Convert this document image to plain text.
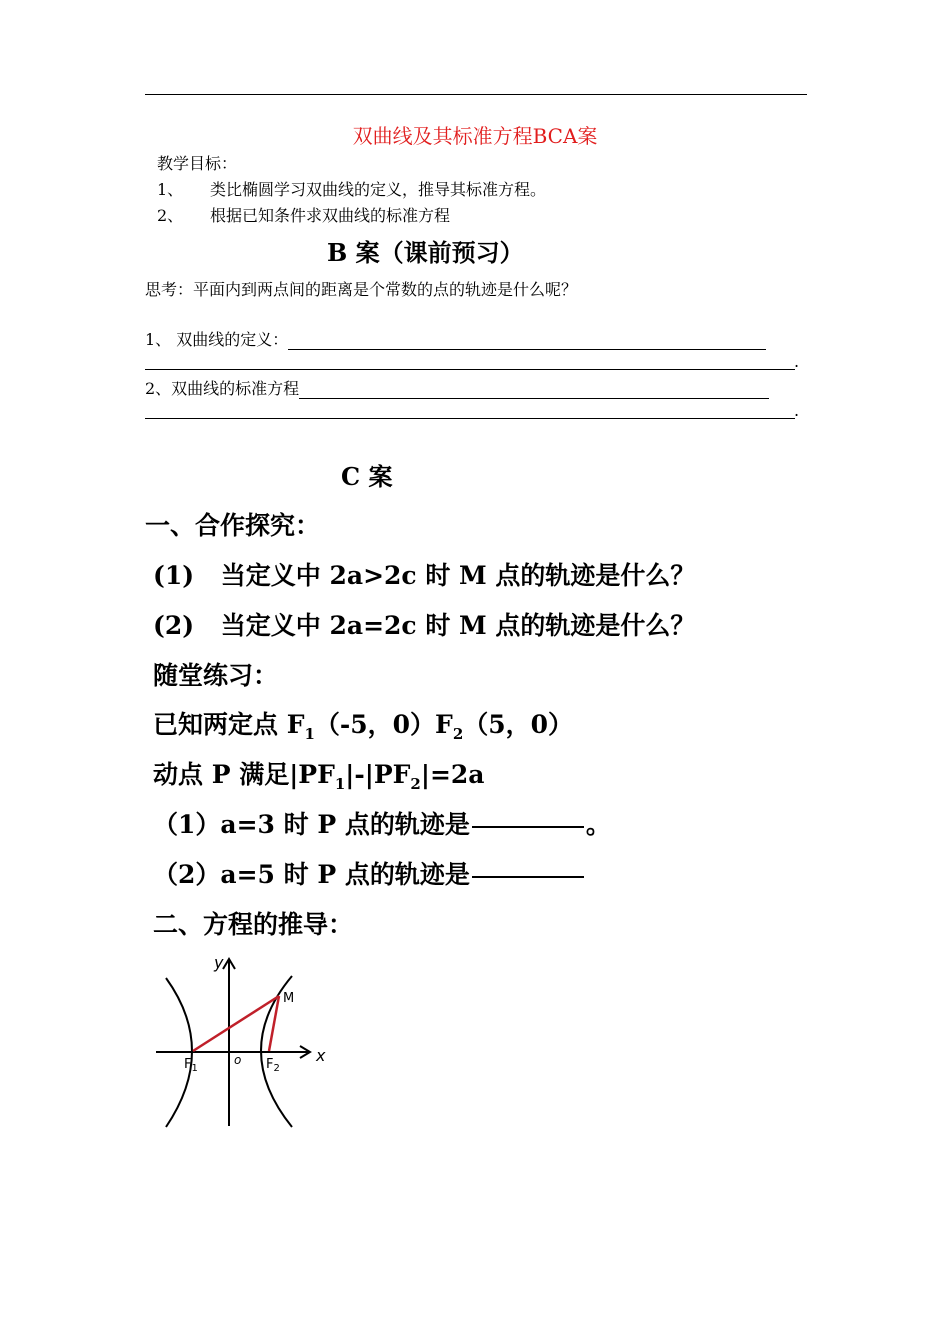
双曲线及其标准方程BCA案
教学目标：
1、 类比椭圆学习双曲线的定义，推导其标准方程。
2、 根据已知条件求双曲线的标准方程
B 案（课前预习）
思考：平面内到两点间的距离是个常数的点的轨迹是什么呢？
1、 双曲线的定义：
.
2、双曲线的标准方程
.
C 案
一、合作探究：
(1) 当定义中 2a>2c 时 M 点的轨迹是什么？
(2) 当定义中 2a=2c 时 M 点的轨迹是什么？
随堂练习：
已知两定点 $F_1(-5$，$0)F_2(5$，0）
动点 P 满足$|PF_1|-|PF_2|=2a$
（1）a=3 时 P 点的轨迹是	。
（2）a=5 时 P 点的轨迹是
二、方程的推导：
y
x
o
M
$F_1$	$F_2$
